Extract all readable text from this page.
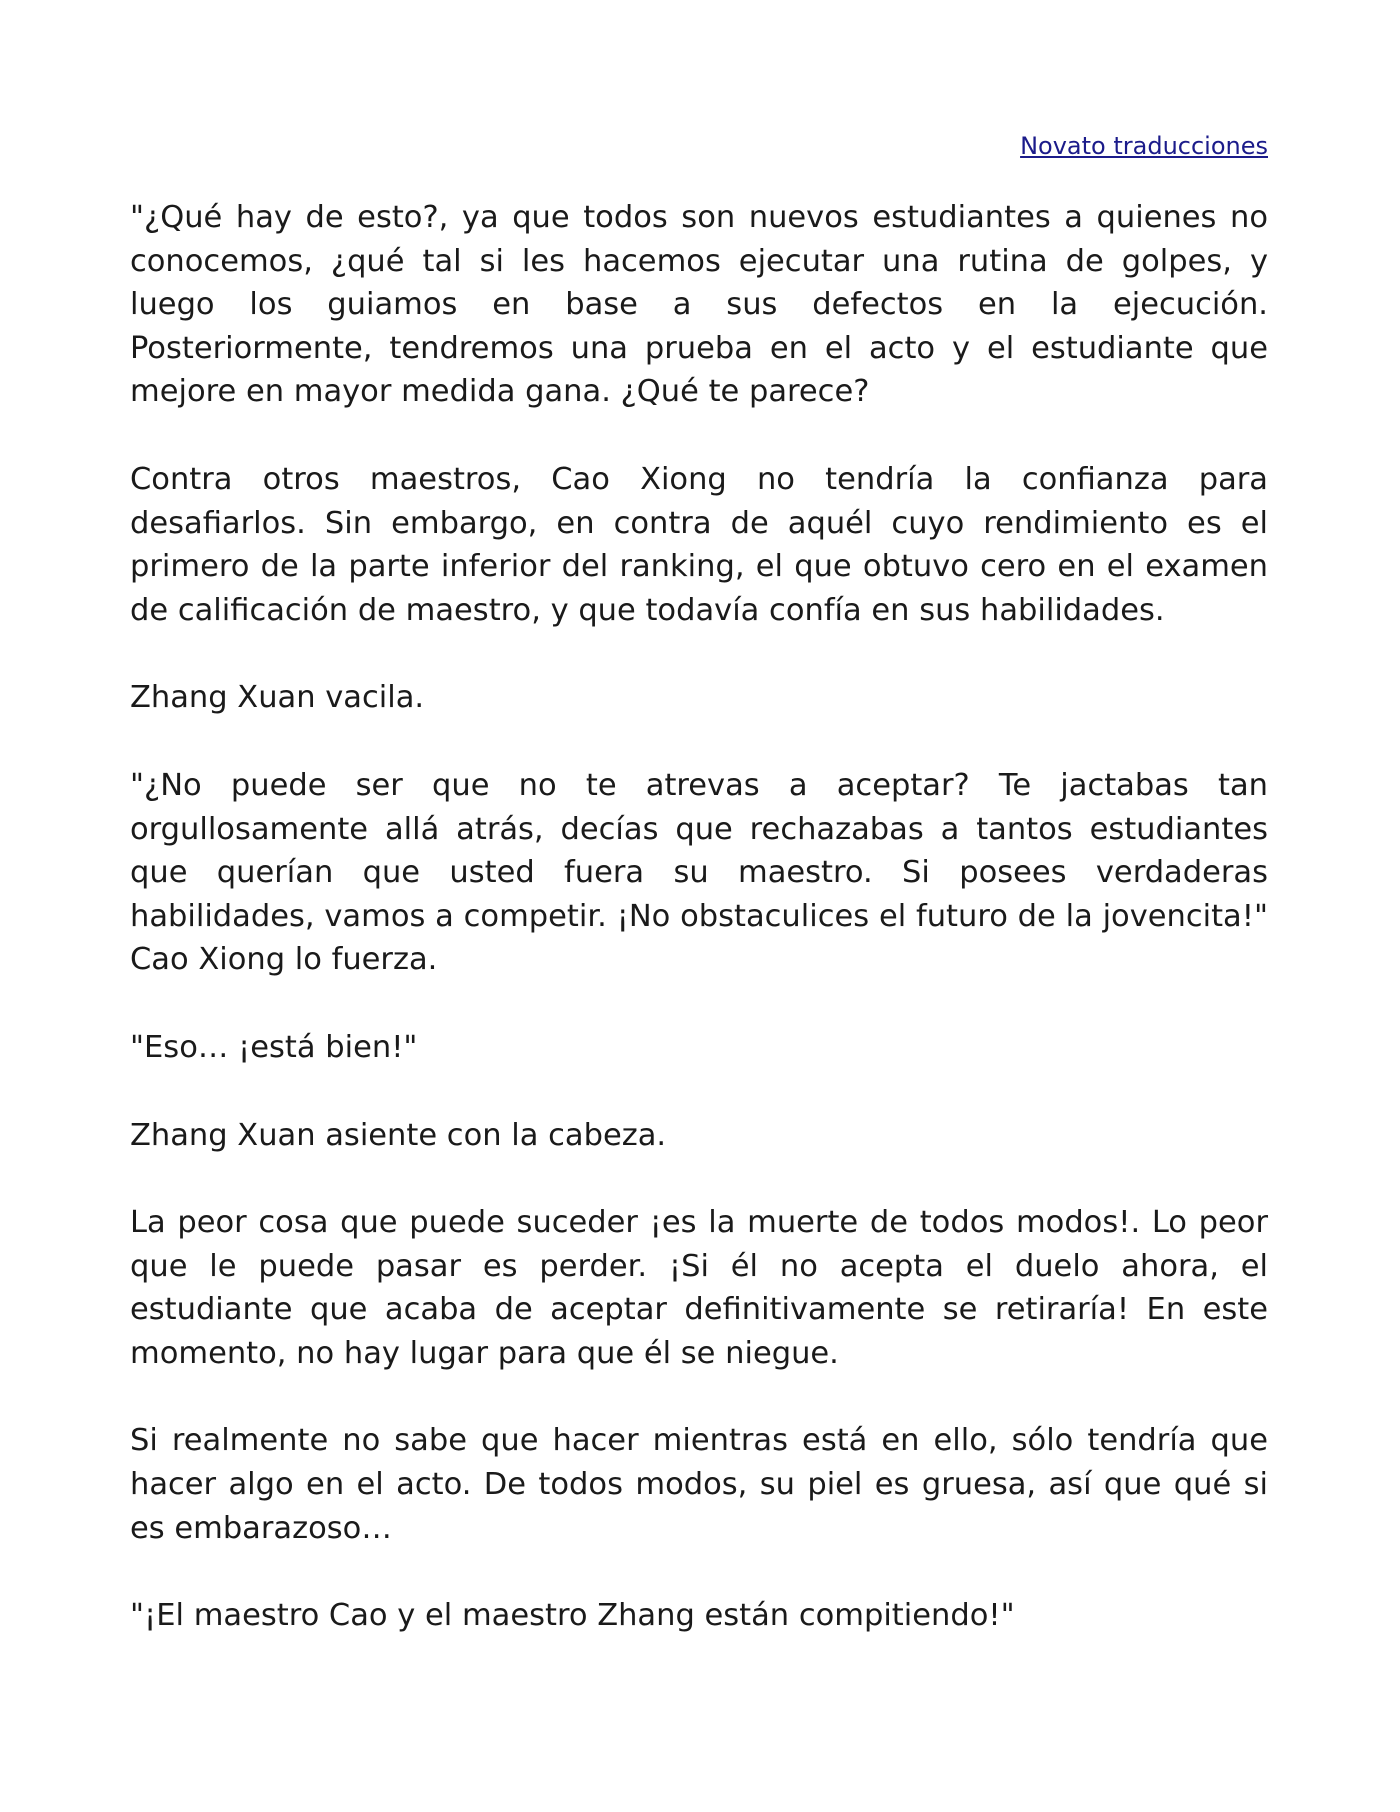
Novato traducciones

"¿Qué hay de esto?, ya que todos son nuevos estudiantes a quienes no conocemos, ¿qué tal si les hacemos ejecutar una rutina de golpes, y luego los guiamos en base a sus defectos en la ejecución. Posteriormente, tendremos una prueba en el acto y el estudiante que mejore en mayor medida gana. ¿Qué te parece?

Contra otros maestros, Cao Xiong no tendría la confianza para desafiarlos. Sin embargo, en contra de aquél cuyo rendimiento es el primero de la parte inferior del ranking, el que obtuvo cero en el examen de calificación de maestro, y que todavía confía en sus habilidades.

Zhang Xuan vacila.

"¿No puede ser que no te atrevas a aceptar? Te jactabas tan orgullosamente allá atrás, decías que rechazabas a tantos estudiantes que querían que usted fuera su maestro. Si posees verdaderas habilidades, vamos a competir. ¡No obstaculices el futuro de la jovencita!" Cao Xiong lo fuerza.

"Eso… ¡está bien!"

Zhang Xuan asiente con la cabeza.

La peor cosa que puede suceder ¡es la muerte de todos modos!. Lo peor que le puede pasar es perder. ¡Si él no acepta el duelo ahora, el estudiante que acaba de aceptar definitivamente se retiraría! En este momento, no hay lugar para que él se niegue.

Si realmente no sabe que hacer mientras está en ello, sólo tendría que hacer algo en el acto. De todos modos, su piel es gruesa, así que qué si es embarazoso…

"¡El maestro Cao y el maestro Zhang están compitiendo!"
